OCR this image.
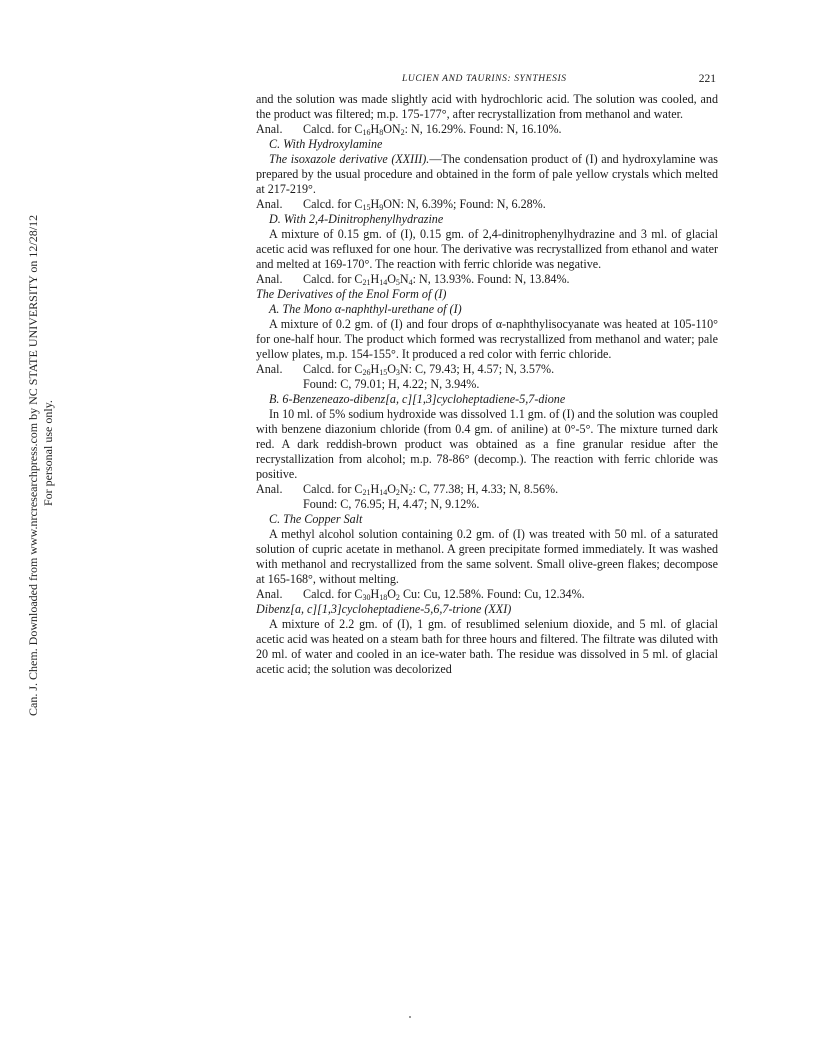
Can. J. Chem. Downloaded from www.nrcresearchpress.com by NC STATE UNIVERSITY on 12/28/12 For personal use only.
LUCIEN AND TAURINS: SYNTHESIS	221

and the solution was made slightly acid with hydrochloric acid. The solution was cooled, and the product was filtered; m.p. 175-177°, after recrystallization from methanol and water.

Anal. Calcd. for $C_{16}H_8ON_2$: N, 16.29%. Found: N, 16.10%.

C. With Hydroxylamine

The isoxazole derivative (XXIII).—The condensation product of (I) and hydroxylamine was prepared by the usual procedure and obtained in the form of pale yellow crystals which melted at 217-219°.

Anal. Calcd. for $C_{15}H_9ON$: N, 6.39%; Found: N, 6.28%.

D. With 2,4-Dinitrophenylhydrazine

A mixture of 0.15 gm. of (I), 0.15 gm. of 2,4-dinitrophenylhydrazine and 3 ml. of glacial acetic acid was refluxed for one hour. The derivative was recrystallized from ethanol and water and melted at 169-170°. The reaction with ferric chloride was negative.

Anal. Calcd. for $C_{21}H_{14}O_5N_4$: N, 13.93%. Found: N, 13.84%.

The Derivatives of the Enol Form of (I)

A. The Mono α-naphthyl-urethane of (I)

A mixture of 0.2 gm. of (I) and four drops of α-naphthylisocyanate was heated at 105-110° for one-half hour. The product which formed was recrystallized from methanol and water; pale yellow plates, m.p. 154-155°. It produced a red color with ferric chloride.

Anal. Calcd. for $C_{26}H_{15}O_3N$: C, 79.43; H, 4.57; N, 3.57%.

Found: C, 79.01; H, 4.22; N, 3.94%.

B. 6-Benzeneazo-dibenz[a, c][1,3]cycloheptadiene-5,7-dione

In 10 ml. of 5% sodium hydroxide was dissolved 1.1 gm. of (I) and the solution was coupled with benzene diazonium chloride (from 0.4 gm. of aniline) at 0°-5°. The mixture turned dark red. A dark reddish-brown product was obtained as a fine granular residue after the recrystallization from alcohol; m.p. 78-86° (decomp.). The reaction with ferric chloride was positive.

Anal. Calcd. for $C_{21}H_{14}O_2N_2$: C, 77.38; H, 4.33; N, 8.56%.

Found: C, 76.95; H, 4.47; N, 9.12%.

C. The Copper Salt

A methyl alcohol solution containing 0.2 gm. of (I) was treated with 50 ml. of a saturated solution of cupric acetate in methanol. A green precipitate formed immediately. It was washed with methanol and recrystallized from the same solvent. Small olive-green flakes; decompose at 165-168°, without melting.

Anal. Calcd. for $C_{30}H_{18}O_2$ Cu: Cu, 12.58%. Found: Cu, 12.34%.

Dibenz[a, c][1,3]cycloheptadiene-5,6,7-trione (XXI)

A mixture of 2.2 gm. of (I), 1 gm. of resublimed selenium dioxide, and 5 ml. of glacial acetic acid was heated on a steam bath for three hours and filtered. The filtrate was diluted with 20 ml. of water and cooled in an ice-water bath. The residue was dissolved in 5 ml. of glacial acetic acid; the solution was decolorized
